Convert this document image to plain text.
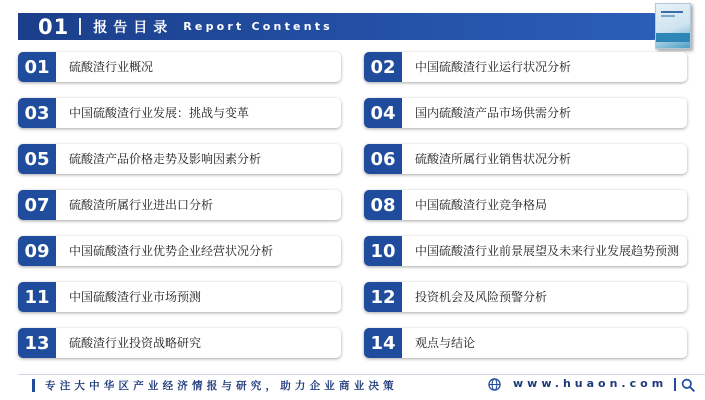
01 报告目录 Report Contents
01	硫酸渣行业概况	02	中国硫酸渣行业运行状况分析
03	中国硫酸渣行业发展：挑战与变革	04	国内硫酸渣产品市场供需分析
05	硫酸渣产品价格走势及影响因素分析	06	硫酸渣所属行业销售状况分析
07	硫酸渣所属行业进出口分析	08	中国硫酸渣行业竞争格局
09	中国硫酸渣行业优势企业经营状况分析	10	中国硫酸渣行业前景展望及未来行业发展趋势预测
11	中国硫酸渣行业市场预测	12	投资机会及风险预警分析
13	硫酸渣行业投资战略研究	14	观点与结论
专注大中华区产业经济情报与研究，助力企业商业决策	www.huaon.com
